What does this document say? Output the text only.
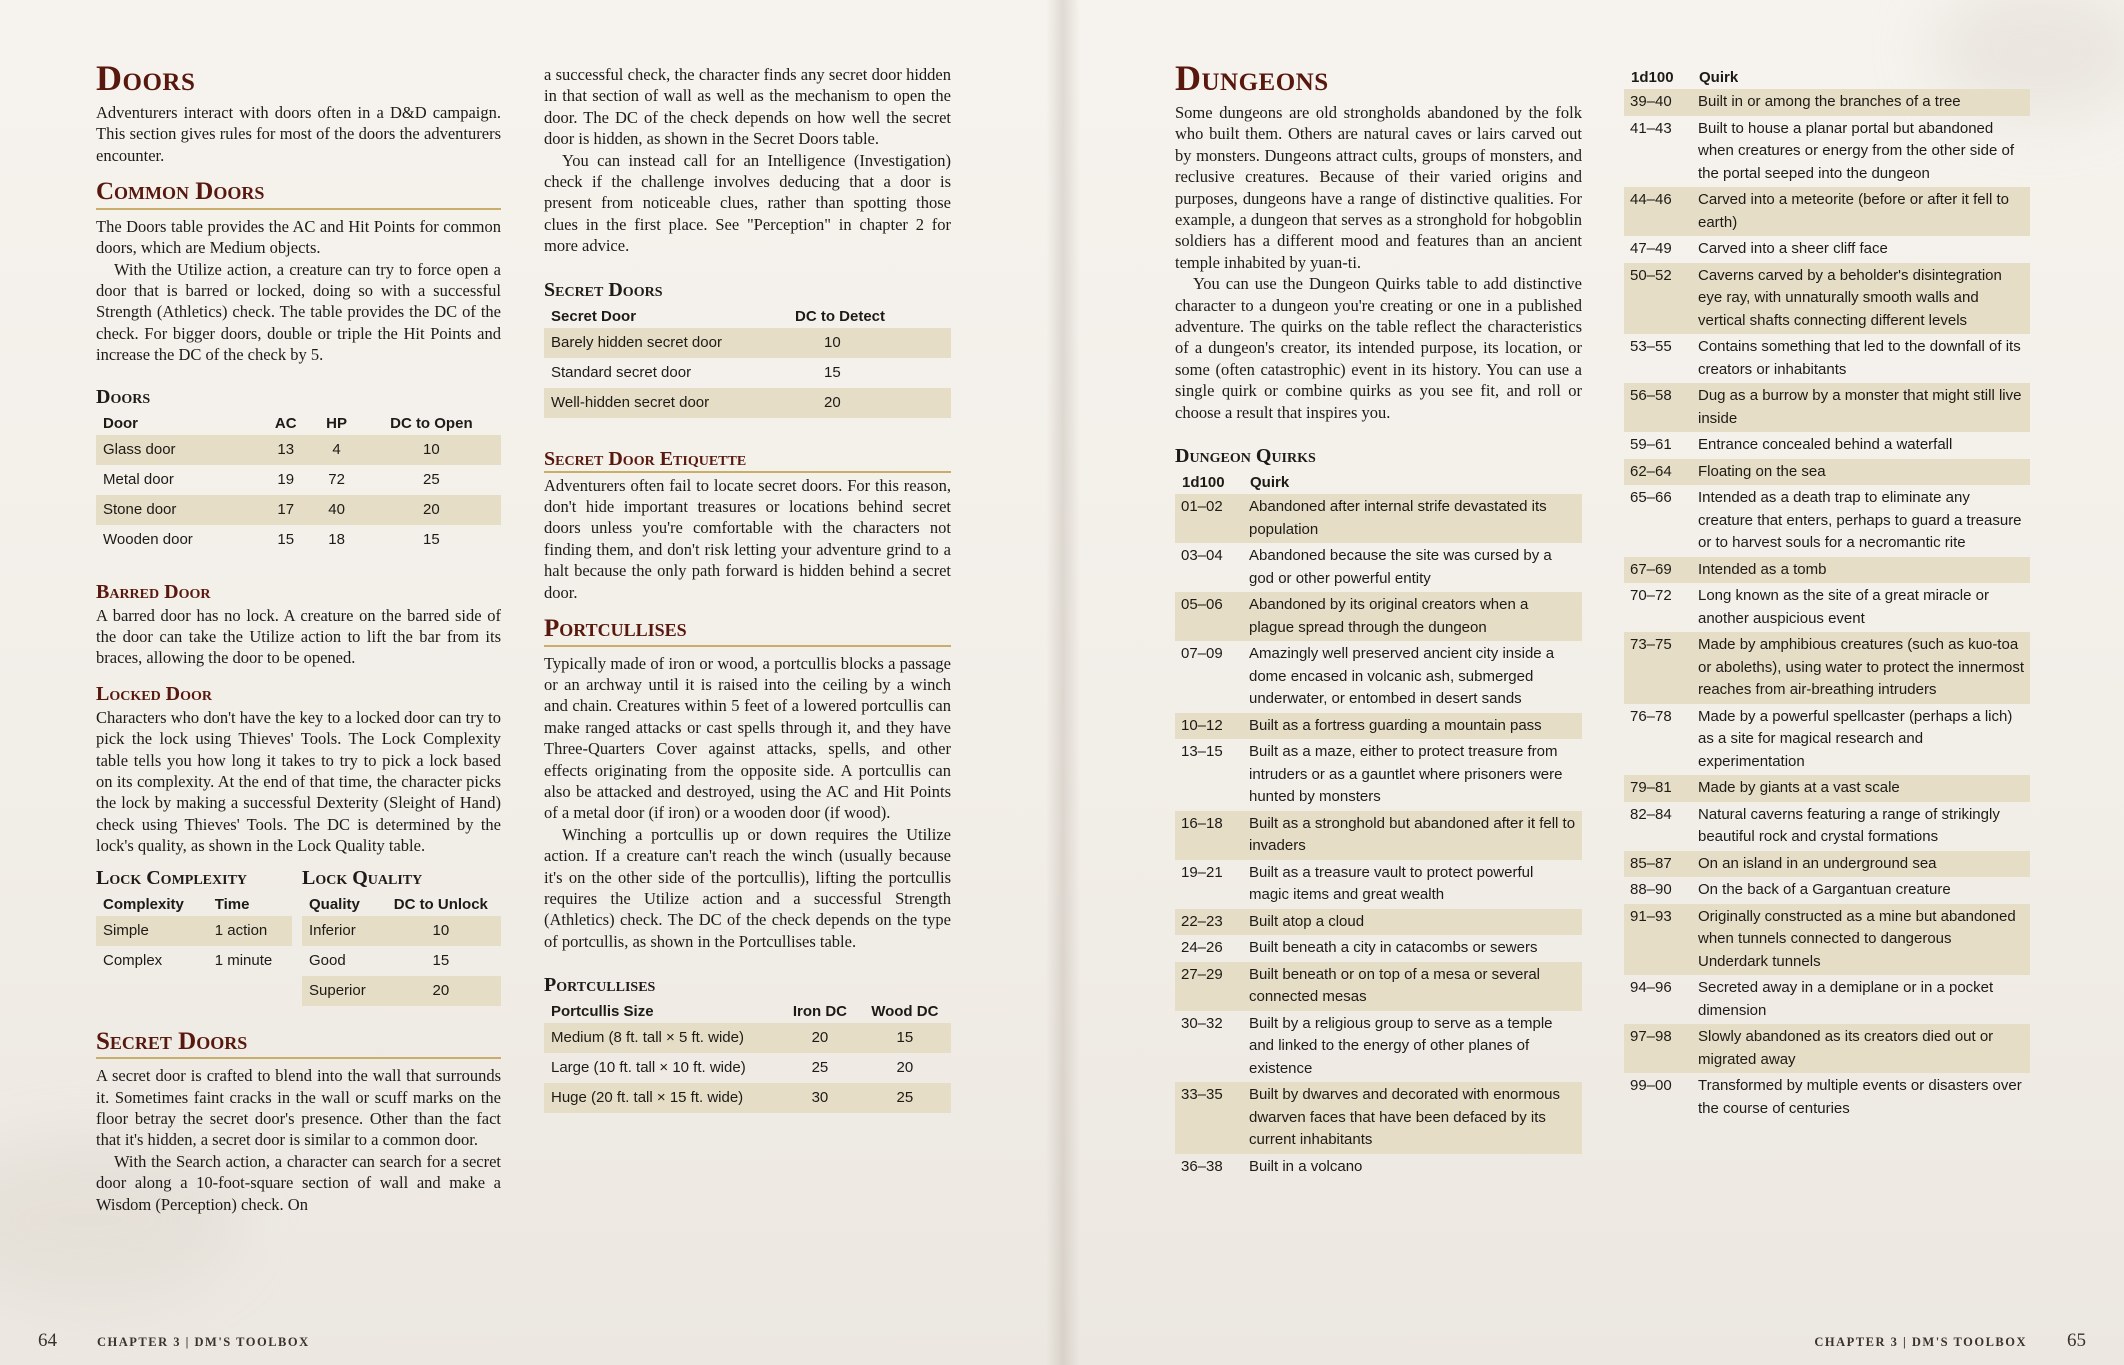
Doors

Adventurers interact with doors often in a D&D campaign. This section gives rules for most of the doors the adventurers encounter.

Common Doors

The Doors table provides the AC and Hit Points for common doors, which are Medium objects.

With the Utilize action, a creature can try to force open a door that is barred or locked, doing so with a successful Strength (Athletics) check. The table provides the DC of the check. For bigger doors, double or triple the Hit Points and increase the DC of the check by 5.

Doors
Door	AC	HP	DC to Open
Glass door	13	4	10
Metal door	19	72	25
Stone door	17	40	20
Wooden door	15	18	15
Barred Door

A barred door has no lock. A creature on the barred side of the door can take the Utilize action to lift the bar from its braces, allowing the door to be opened.

Locked Door

Characters who don't have the key to a locked door can try to pick the lock using Thieves' Tools. The Lock Complexity table tells you how long it takes to try to pick a lock based on its complexity. At the end of that time, the character picks the lock by making a successful Dexterity (Sleight of Hand) check using Thieves' Tools. The DC is determined by the lock's quality, as shown in the Lock Quality table.

Lock Complexity
Complexity	Time
Simple	1 action
Complex	1 minute
Lock Quality
Quality	DC to Unlock
Inferior	10
Good	15
Superior	20
Secret Doors

A secret door is crafted to blend into the wall that surrounds it. Sometimes faint cracks in the wall or scuff marks on the floor betray the secret door's presence. Other than the fact that it's hidden, a secret door is similar to a common door.

With the Search action, a character can search for a secret door along a 10-foot-square section of wall and make a Wisdom (Perception) check. On

a successful check, the character finds any secret door hidden in that section of wall as well as the mechanism to open the door. The DC of the check depends on how well the secret door is hidden, as shown in the Secret Doors table.

You can instead call for an Intelligence (Investigation) check if the challenge involves deducing that a door is present from noticeable clues, rather than spotting those clues in the first place. See "Perception" in chapter 2 for more advice.

Secret Doors
Secret Door	DC to Detect
Barely hidden secret door	10
Standard secret door	15
Well-hidden secret door	20
Secret Door Etiquette

Adventurers often fail to locate secret doors. For this reason, don't hide important treasures or locations behind secret doors unless you're comfortable with the characters not finding them, and don't risk letting your adventure grind to a halt because the only path forward is hidden behind a secret door.

Portcullises

Typically made of iron or wood, a portcullis blocks a passage or an archway until it is raised into the ceiling by a winch and chain. Creatures within 5 feet of a lowered portcullis can make ranged attacks or cast spells through it, and they have Three-Quarters Cover against attacks, spells, and other effects originating from the opposite side. A portcullis can also be attacked and destroyed, using the AC and Hit Points of a metal door (if iron) or a wooden door (if wood).

Winching a portcullis up or down requires the Utilize action. If a creature can't reach the winch (usually because it's on the other side of the portcullis), lifting the portcullis requires the Utilize action and a successful Strength (Athletics) check. The DC of the check depends on the type of portcullis, as shown in the Portcullises table.

Portcullises
Portcullis Size	Iron DC	Wood DC
Medium (8 ft. tall × 5 ft. wide)	20	15
Large (10 ft. tall × 10 ft. wide)	25	20
Huge (20 ft. tall × 15 ft. wide)	30	25
Dungeons

Some dungeons are old strongholds abandoned by the folk who built them. Others are natural caves or lairs carved out by monsters. Dungeons attract cults, groups of monsters, and reclusive creatures. Because of their varied origins and purposes, dungeons have a range of distinctive qualities. For example, a dungeon that serves as a stronghold for hobgoblin soldiers has a different mood and features than an ancient temple inhabited by yuan-ti.

You can use the Dungeon Quirks table to add distinctive character to a dungeon you're creating or one in a published adventure. The quirks on the table reflect the characteristics of a dungeon's creator, its intended purpose, its location, or some (often catastrophic) event in its history. You can use a single quirk or combine quirks as you see fit, and roll or choose a result that inspires you.

Dungeon Quirks
1d100	Quirk
01–02	Abandoned after internal strife devastated its population
03–04	Abandoned because the site was cursed by a god or other powerful entity
05–06	Abandoned by its original creators when a plague spread through the dungeon
07–09	Amazingly well preserved ancient city inside a dome encased in volcanic ash, submerged underwater, or entombed in desert sands
10–12	Built as a fortress guarding a mountain pass
13–15	Built as a maze, either to protect treasure from intruders or as a gauntlet where prisoners were hunted by monsters
16–18	Built as a stronghold but abandoned after it fell to invaders
19–21	Built as a treasure vault to protect powerful magic items and great wealth
22–23	Built atop a cloud
24–26	Built beneath a city in catacombs or sewers
27–29	Built beneath or on top of a mesa or several connected mesas
30–32	Built by a religious group to serve as a temple and linked to the energy of other planes of existence
33–35	Built by dwarves and decorated with enormous dwarven faces that have been defaced by its current inhabitants
36–38	Built in a volcano
1d100	Quirk
39–40	Built in or among the branches of a tree
41–43	Built to house a planar portal but abandoned when creatures or energy from the other side of the portal seeped into the dungeon
44–46	Carved into a meteorite (before or after it fell to earth)
47–49	Carved into a sheer cliff face
50–52	Caverns carved by a beholder's disintegration eye ray, with unnaturally smooth walls and vertical shafts connecting different levels
53–55	Contains something that led to the downfall of its creators or inhabitants
56–58	Dug as a burrow by a monster that might still live inside
59–61	Entrance concealed behind a waterfall
62–64	Floating on the sea
65–66	Intended as a death trap to eliminate any creature that enters, perhaps to guard a treasure or to harvest souls for a necromantic rite
67–69	Intended as a tomb
70–72	Long known as the site of a great miracle or another auspicious event
73–75	Made by amphibious creatures (such as kuo-toa or aboleths), using water to protect the innermost reaches from air-breathing intruders
76–78	Made by a powerful spellcaster (perhaps a lich) as a site for magical research and experimentation
79–81	Made by giants at a vast scale
82–84	Natural caverns featuring a range of strikingly beautiful rock and crystal formations
85–87	On an island in an underground sea
88–90	On the back of a Gargantuan creature
91–93	Originally constructed as a mine but abandoned when tunnels connected to dangerous Underdark tunnels
94–96	Secreted away in a demiplane or in a pocket dimension
97–98	Slowly abandoned as its creators died out or migrated away
99–00	Transformed by multiple events or disasters over the course of centuries
64	CHAPTER 3 | DM'S TOOLBOX	CHAPTER 3 | DM'S TOOLBOX 65
